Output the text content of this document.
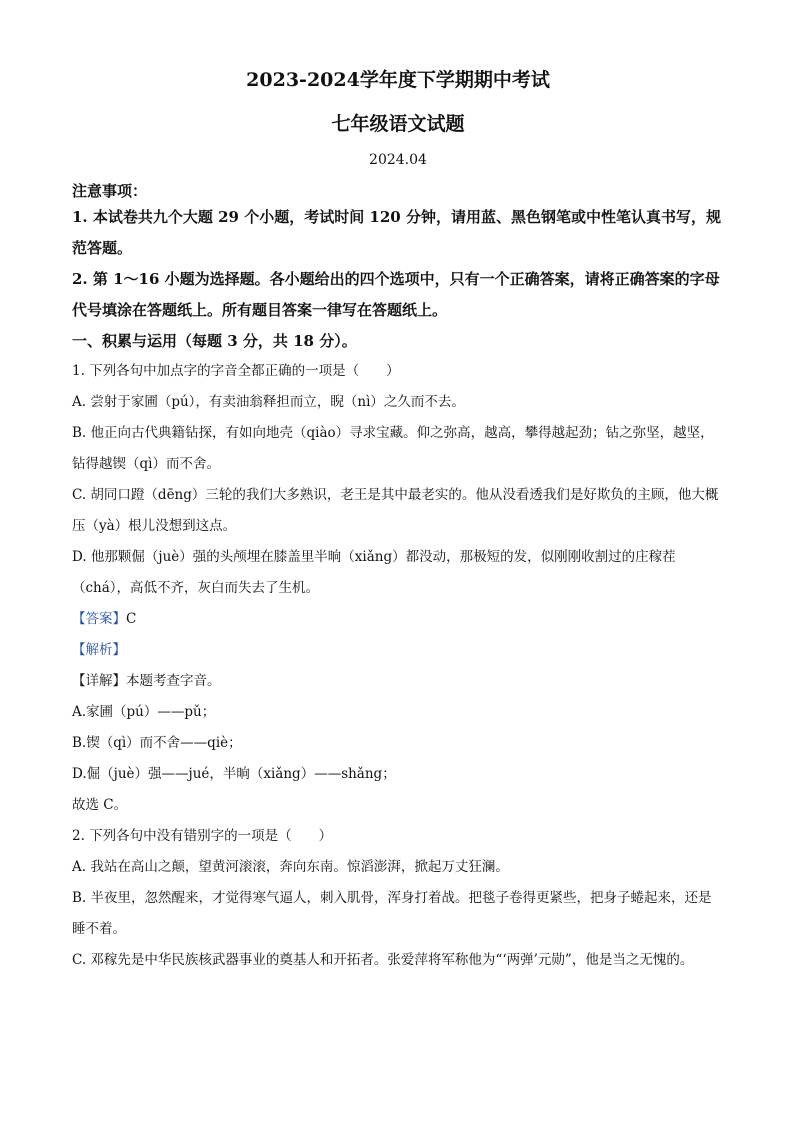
2023-2024学年度下学期期中考试

七年级语文试题

2024.04
注意事项：

1. 本试卷共九个大题 29 个小题，考试时间 120 分钟，请用蓝、黑色钢笔或中性笔认真书写，规范答题。

2. 第 1～16 小题为选择题。各小题给出的四个选项中，只有一个正确答案，请将正确答案的字母代号填涂在答题纸上。所有题目答案一律写在答题纸上。

一、积累与运用（每题 3 分，共 18 分）。

1. 下列各句中加点字的字音全都正确的一项是（　　）

A. 尝射于家圃（pú），有卖油翁释担而立，睨（nì）之久而不去。

B. 他正向古代典籍钻探，有如向地壳（qiào）寻求宝藏。仰之弥高，越高，攀得越起劲；钻之弥坚，越坚，钻得越锲（qì）而不舍。

C. 胡同口蹬（dēng）三轮的我们大多熟识，老王是其中最老实的。他从没看透我们是好欺负的主顾，他大概压（yà）根儿没想到这点。

D. 他那颗倔（juè）强的头颅埋在膝盖里半晌（xiǎng）都没动，那极短的发，似刚刚收割过的庄稼茬（chá），高低不齐，灰白而失去了生机。

【答案】C

【解析】

【详解】本题考查字音。

A.家圃（pú）——pǔ；

B.锲（qì）而不舍——qiè；

D.倔（juè）强——jué，半晌（xiǎng）——shǎng；

故选 C。

2. 下列各句中没有错别字的一项是（　　）

A. 我站在高山之颠，望黄河滚滚，奔向东南。惊滔澎湃，掀起万丈狂澜。

B. 半夜里，忽然醒来，才觉得寒气逼人，刺入肌骨，浑身打着战。把毯子卷得更紧些，把身子蜷起来，还是睡不着。

C. 邓稼先是中华民族核武器事业的奠基人和开拓者。张爱萍将军称他为“‘两弹’元勋”，他是当之无愧的。
